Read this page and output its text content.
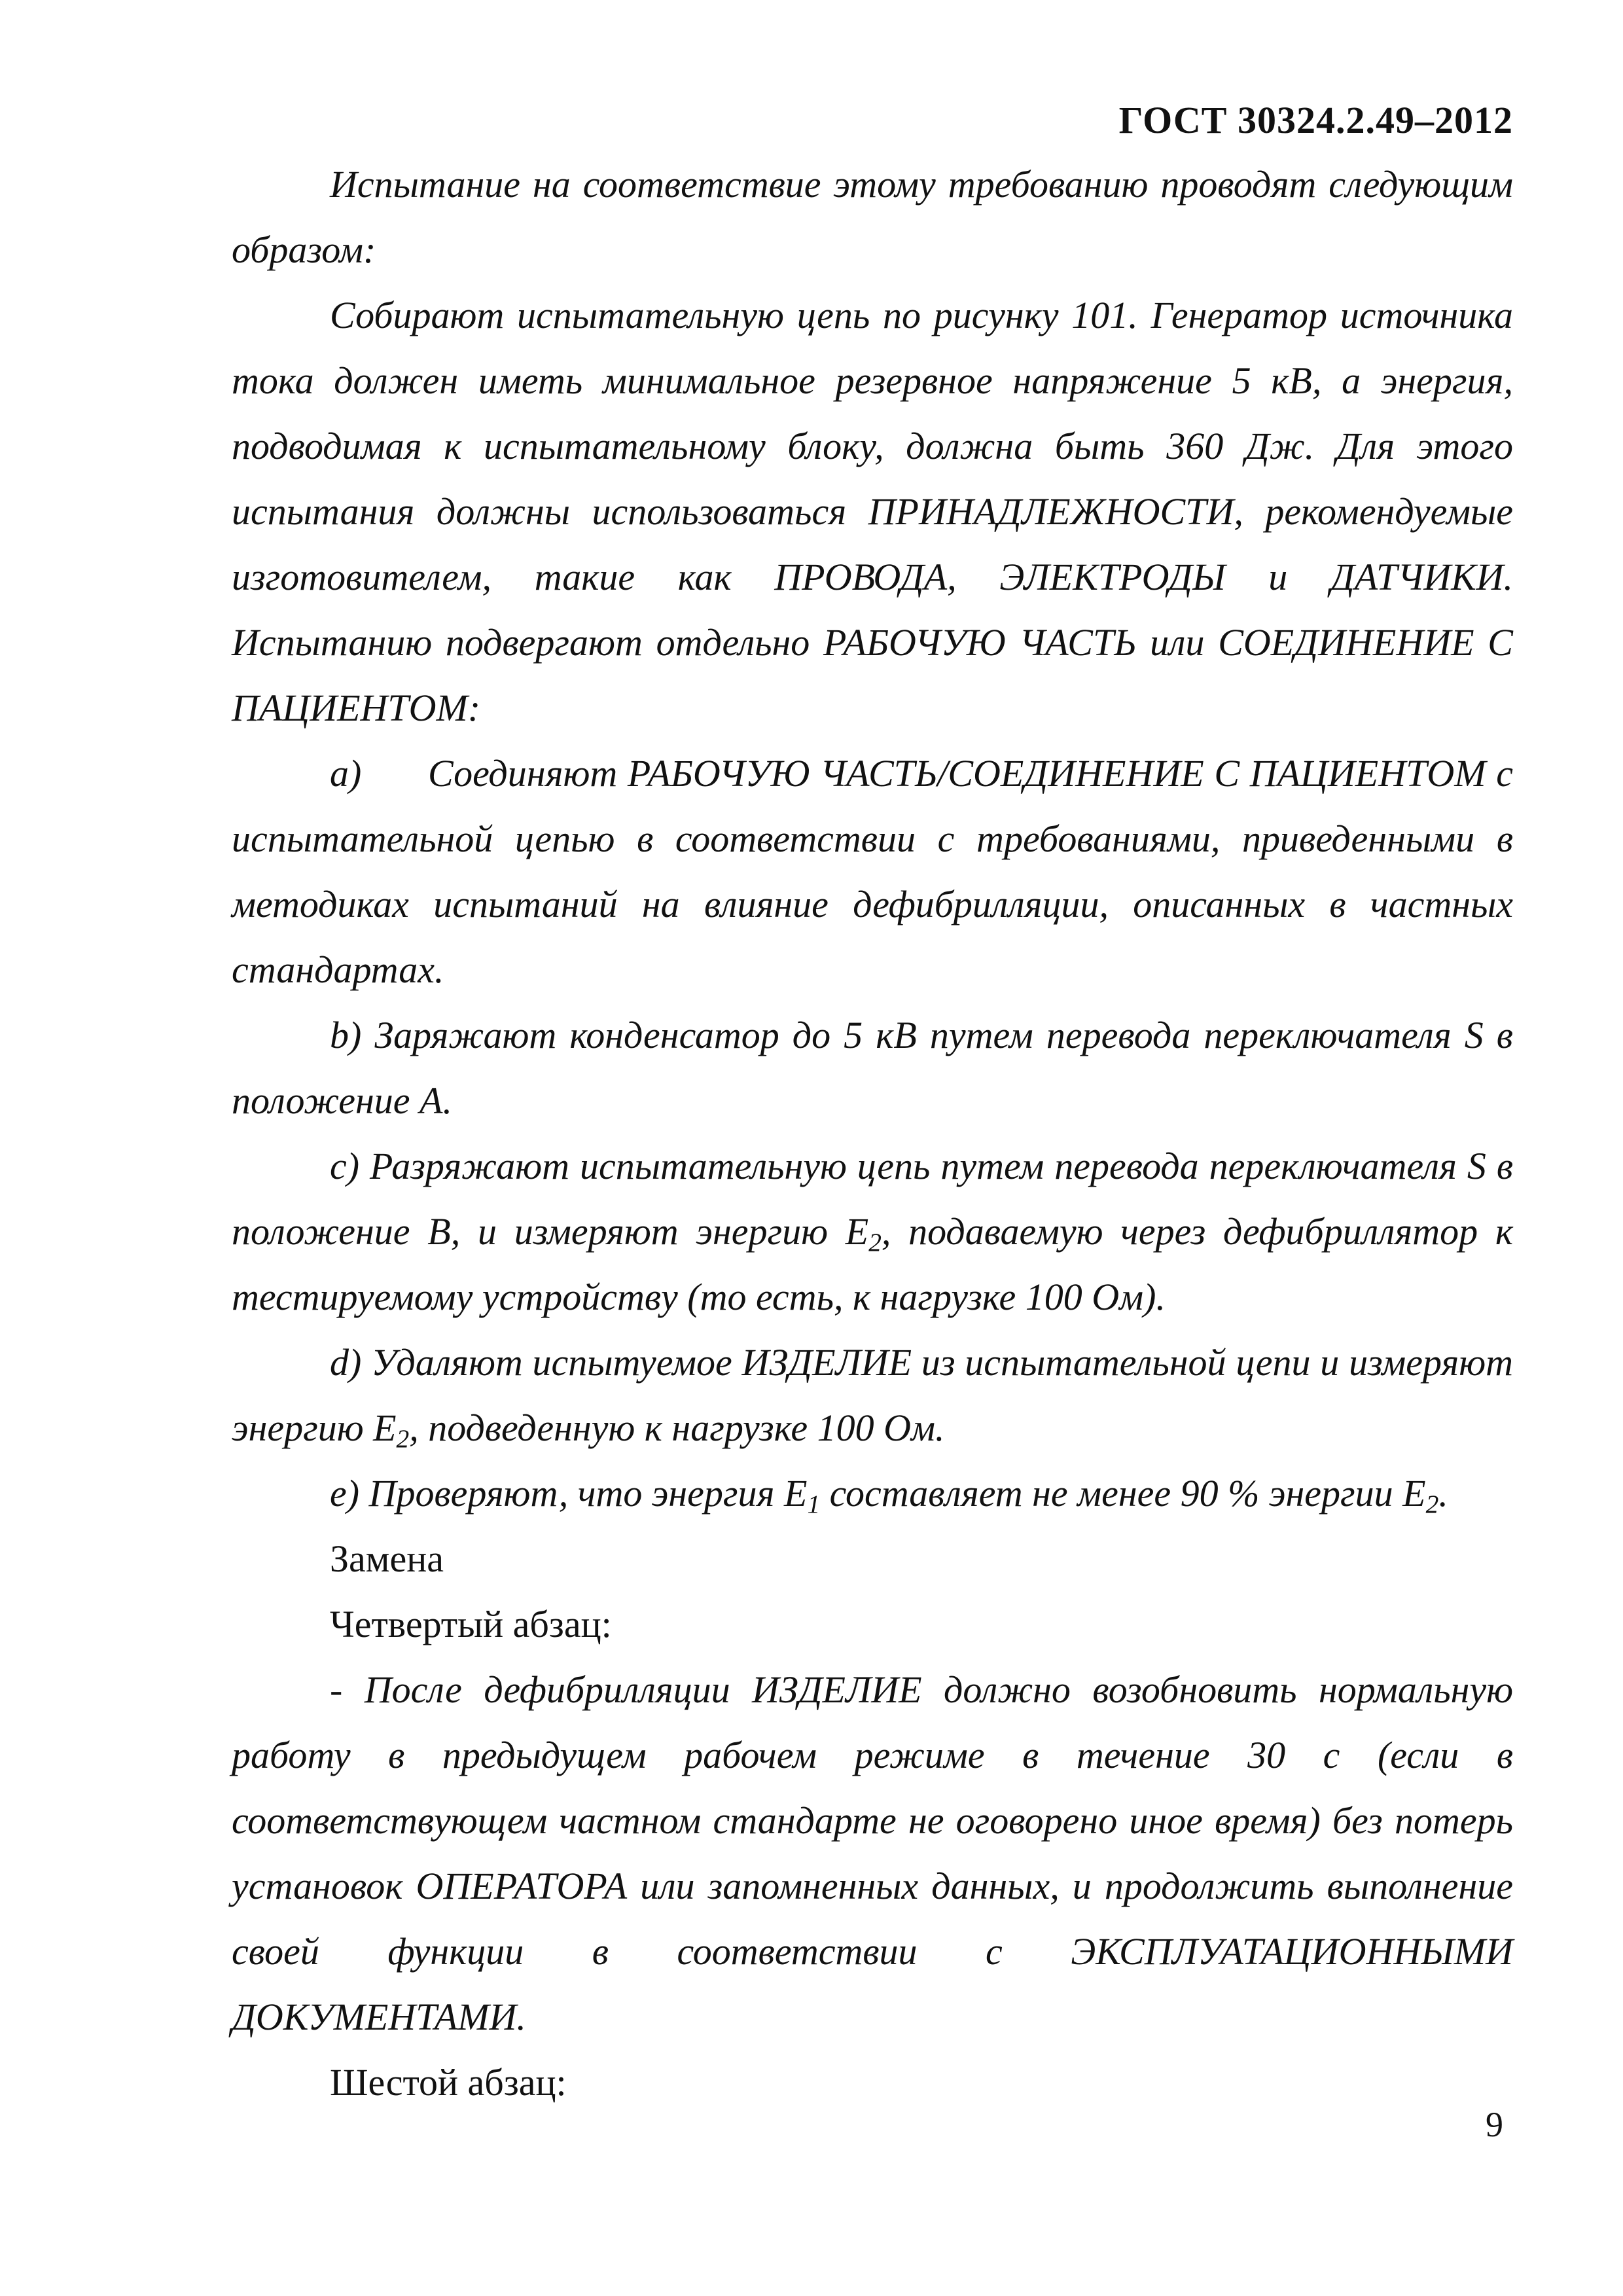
ГОСТ 30324.2.49–2012

Испытание на соответствие этому требованию проводят следующим образом:

Собирают испытательную цепь по рисунку 101. Генератор источника тока должен иметь минимальное резервное напряжение 5 кВ, а энергия, подводимая к испытательному блоку, должна быть 360 Дж. Для этого испытания должны использоваться ПРИНАДЛЕЖНОСТИ, рекомендуемые изготовителем, такие как ПРОВОДА, ЭЛЕКТРОДЫ и ДАТЧИКИ. Испытанию подвергают отдельно РАБОЧУЮ ЧАСТЬ или СОЕДИНЕНИЕ С ПАЦИЕНТОМ:

a) Соединяют РАБОЧУЮ ЧАСТЬ/СОЕДИНЕНИЕ С ПАЦИЕНТОМ с испытательной цепью в соответствии с требованиями, приведенными в методиках испытаний на влияние дефибрилляции, описанных в частных стандартах.

b) Заряжают конденсатор до 5 кВ путем перевода переключателя S в положение А.

с) Разряжают испытательную цепь путем перевода переключателя S в положение В, и измеряют энергию $Е_2$, подаваемую через дефибриллятор к тестируемому устройству (то есть, к нагрузке 100 Ом).

d) Удаляют испытуемое ИЗДЕЛИЕ из испытательной цепи и измеряют энергию $Е_2$, подведенную к нагрузке 100 Ом.

е) Проверяют, что энергия $Е_1$ составляет не менее 90 % энергии $Е_2$.

Замена

Четвертый абзац:

- После дефибрилляции ИЗДЕЛИЕ должно возобновить нормальную работу в предыдущем рабочем режиме в течение 30 с (если в соответствующем частном стандарте не оговорено иное время) без потерь установок ОПЕРАТОРА или запомненных данных, и продолжить выполнение своей функции в соответствии с ЭКСПЛУАТАЦИОННЫМИ ДОКУМЕНТАМИ.

Шестой абзац:

9
